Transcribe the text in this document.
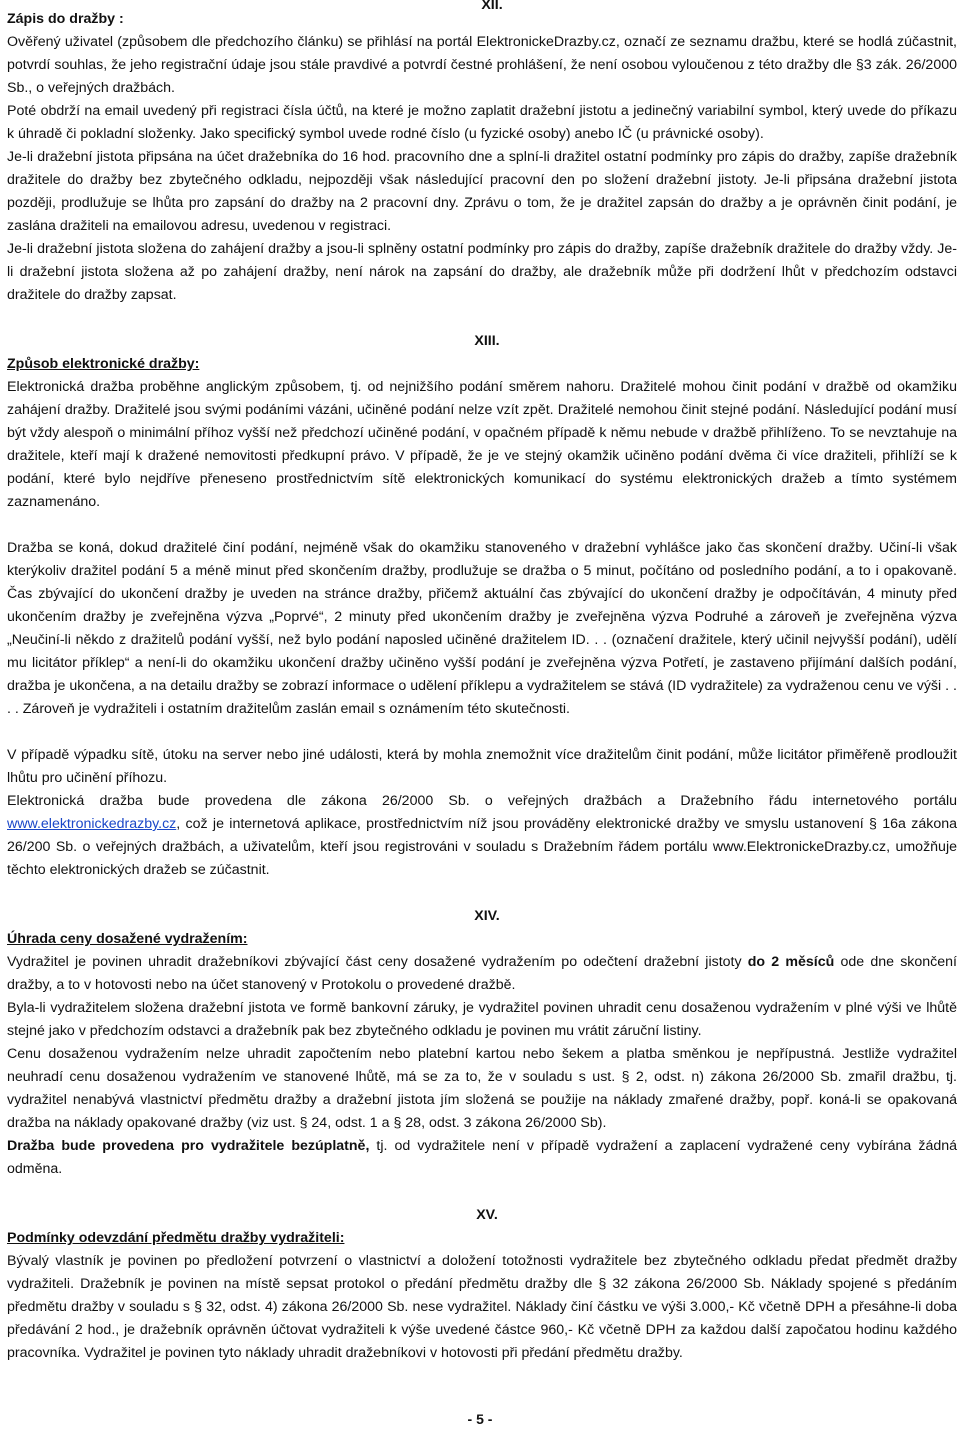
XII.
Zápis do dražby :

Ověřený uživatel (způsobem dle předchozího článku) se přihlásí na portál ElektronickeDrazby.cz, označí ze seznamu dražbu, které se hodlá zúčastnit, potvrdí souhlas, že jeho registrační údaje jsou stále pravdivé a potvrdí čestné prohlášení, že není osobou vyloučenou z této dražby dle §3 zák. 26/2000 Sb., o veřejných dražbách.

Poté obdrží na email uvedený při registraci čísla účtů, na které je možno zaplatit dražební jistotu a jedinečný variabilní symbol, který uvede do příkazu k úhradě či pokladní složenky. Jako specifický symbol uvede rodné číslo (u fyzické osoby) anebo IČ (u právnické osoby).

Je-li dražební jistota připsána na účet dražebníka do 16 hod. pracovního dne a splní-li dražitel ostatní podmínky pro zápis do dražby, zapíše dražebník dražitele do dražby bez zbytečného odkladu, nejpozději však následující pracovní den po složení dražební jistoty. Je-li připsána dražební jistota později, prodlužuje se lhůta pro zapsání do dražby na 2 pracovní dny. Zprávu o tom, že je dražitel zapsán do dražby a je oprávněn činit podání, je zaslána dražiteli na emailovou adresu, uvedenou v registraci.

Je-li dražební jistota složena do zahájení dražby a jsou-li splněny ostatní podmínky pro zápis do dražby, zapíše dražebník dražitele do dražby vždy. Je-li dražební jistota složena až po zahájení dražby, není nárok na zapsání do dražby, ale dražebník může při dodržení lhůt v předchozím odstavci dražitele do dražby zapsat.

XIII.
Způsob elektronické dražby:

Elektronická dražba proběhne anglickým způsobem, tj. od nejnižšího podání směrem nahoru. Dražitelé mohou činit podání v dražbě od okamžiku zahájení dražby. Dražitelé jsou svými podáními vázáni, učiněné podání nelze vzít zpět. Dražitelé nemohou činit stejné podání. Následující podání musí být vždy alespoň o minimální příhoz vyšší než předchozí učiněné podání, v opačném případě k němu nebude v dražbě přihlíženo. To se nevztahuje na dražitele, kteří mají k dražené nemovitosti předkupní právo. V případě, že je ve stejný okamžik učiněno podání dvěma či více dražiteli, přihlíží se k podání, které bylo nejdříve přeneseno prostřednictvím sítě elektronických komunikací do systému elektronických dražeb a tímto systémem zaznamenáno.

Dražba se koná, dokud dražitelé činí podání, nejméně však do okamžiku stanoveného v dražební vyhlášce jako čas skončení dražby. Učiní-li však kterýkoliv dražitel podání 5 a méně minut před skončením dražby, prodlužuje se dražba o 5 minut, počítáno od posledního podání, a to i opakovaně. Čas zbývající do ukončení dražby je uveden na stránce dražby, přičemž aktuální čas zbývající do ukončení dražby je odpočítáván, 4 minuty před ukončením dražby je zveřejněna výzva „Poprvé“, 2 minuty před ukončením dražby je zveřejněna výzva Podruhé a zároveň je zveřejněna výzva „Neučiní-li někdo z dražitelů podání vyšší, než bylo podání naposled učiněné dražitelem ID. . . (označení dražitele, který učinil nejvyšší podání), udělí mu licitátor příklep“ a není-li do okamžiku ukončení dražby učiněno vyšší podání je zveřejněna výzva Potřetí, je zastaveno přijímání dalších podání, dražba je ukončena, a na detailu dražby se zobrazí informace o udělení příklepu a vydražitelem se stává (ID vydražitele) za vydraženou cenu ve výši . . . . Zároveň je vydražiteli i ostatním dražitelům zaslán email s oznámením této skutečnosti.

V případě výpadku sítě, útoku na server nebo jiné události, která by mohla znemožnit více dražitelům činit podání, může licitátor přiměřeně prodloužit lhůtu pro učinění příhozu.

Elektronická dražba bude provedena dle zákona 26/2000 Sb. o veřejných dražbách a Dražebního řádu internetového portálu www.elektronickedrazby.cz, což je internetová aplikace, prostřednictvím níž jsou prováděny elektronické dražby ve smyslu ustanovení § 16a zákona 26/200 Sb. o veřejných dražbách, a uživatelům, kteří jsou registrováni v souladu s Dražebním řádem portálu www.ElektronickeDrazby.cz, umožňuje těchto elektronických dražeb se zúčastnit.

XIV.
Úhrada ceny dosažené vydražením:

Vydražitel je povinen uhradit dražebníkovi zbývající část ceny dosažené vydražením po odečtení dražební jistoty do 2 měsíců ode dne skončení dražby, a to v hotovosti nebo na účet stanovený v Protokolu o provedené dražbě.

Byla-li vydražitelem složena dražební jistota ve formě bankovní záruky, je vydražitel povinen uhradit cenu dosaženou vydražením v plné výši ve lhůtě stejné jako v předchozím odstavci a dražebník pak bez zbytečného odkladu je povinen mu vrátit záruční listiny.

Cenu dosaženou vydražením nelze uhradit započtením nebo platební kartou nebo šekem a platba směnkou je nepřípustná. Jestliže vydražitel neuhradí cenu dosaženou vydražením ve stanovené lhůtě, má se za to, že v souladu s ust. § 2, odst. n) zákona 26/2000 Sb. zmařil dražbu, tj. vydražitel nenabývá vlastnictví předmětu dražby a dražební jistota jím složená se použije na náklady zmařené dražby, popř. koná-li se opakovaná dražba na náklady opakované dražby (viz ust. § 24, odst. 1 a § 28, odst. 3 zákona 26/2000 Sb).

Dražba bude provedena pro vydražitele bezúplatně, tj. od vydražitele není v případě vydražení a zaplacení vydražené ceny vybírána žádná odměna.

XV.
Podmínky odevzdání předmětu dražby vydražiteli:

Bývalý vlastník je povinen po předložení potvrzení o vlastnictví a doložení totožnosti vydražitele bez zbytečného odkladu předat předmět dražby vydražiteli. Dražebník je povinen na místě sepsat protokol o předání předmětu dražby dle § 32 zákona 26/2000 Sb. Náklady spojené s předáním předmětu dražby v souladu s § 32, odst. 4) zákona 26/2000 Sb. nese vydražitel. Náklady činí částku ve výši 3.000,- Kč včetně DPH a přesáhne-li doba předávání 2 hod., je dražebník oprávněn účtovat vydražiteli k výše uvedené částce 960,- Kč včetně DPH za každou další započatou hodinu každého pracovníka. Vydražitel je povinen tyto náklady uhradit dražebníkovi v hotovosti při předání předmětu dražby.

- 5 -
